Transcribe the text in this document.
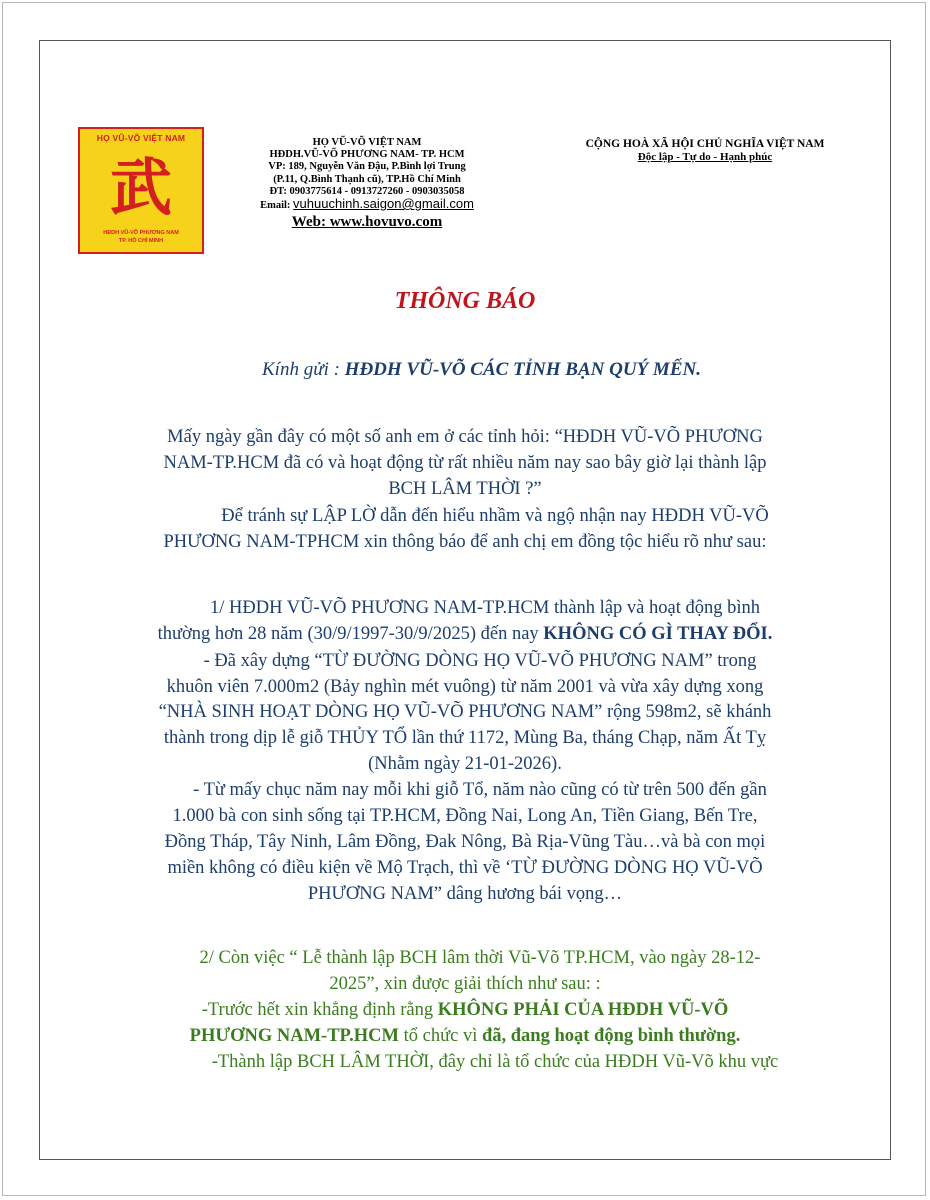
HỌ VŨ-VÕ VIỆT NAM
武
HĐDH VŨ-VÕ PHƯƠNG NAM
TP. HỒ CHÍ MINH
HỌ VŨ-VÕ VIỆT NAM
HĐDH.VŨ-VÕ PHƯƠNG NAM- TP. HCM
VP: 189, Nguyễn Văn Đậu, P.Bình lợi Trung
(P.11, Q.Bình Thạnh cũ), TP.Hồ Chí Minh
ĐT: 0903775614 - 0913727260 - 0903035058
Email: vuhuuchinh.saigon@gmail.com
Web: www.hovuvo.com
CỘNG HOÀ XÃ HỘI CHỦ NGHĨA VIỆT NAM
Độc lập - Tự do - Hạnh phúc
THÔNG BÁO
Kính gửi : HĐDH VŨ-VÕ CÁC TỈNH BẠN QUÝ MẾN.
Mấy ngày gần đây có một số anh em ở các tỉnh hỏi: “HĐDH VŨ-VÕ PHƯƠNG
NAM-TP.HCM đã có và hoạt động từ rất nhiều năm nay sao bây giờ lại thành lập
BCH LÂM THỜI ?”
Để tránh sự LẬP LỜ dẫn đến hiểu nhầm và ngộ nhận nay HĐDH VŨ-VÕ
PHƯƠNG NAM-TPHCM xin thông báo để anh chị em đồng tộc hiểu rõ như sau:
1/ HĐDH VŨ-VÕ PHƯƠNG NAM-TP.HCM thành lập và hoạt động bình
thường hơn 28 năm (30/9/1997-30/9/2025) đến nay KHÔNG CÓ GÌ THAY ĐỔI.
- Đã xây dựng “TỪ ĐƯỜNG DÒNG HỌ VŨ-VÕ PHƯƠNG NAM” trong
khuôn viên 7.000m2 (Bảy nghìn mét vuông) từ năm 2001 và vừa xây dựng xong
“NHÀ SINH HOẠT DÒNG HỌ VŨ-VÕ PHƯƠNG NAM” rộng 598m2, sẽ khánh
thành trong dịp lễ giỗ THỦY TỔ lần thứ 1172, Mùng Ba, tháng Chạp, năm Ất Tỵ
(Nhằm ngày 21-01-2026).
- Từ mấy chục năm nay mỗi khi giỗ Tổ, năm nào cũng có từ trên 500 đến gần
1.000 bà con sinh sống tại TP.HCM, Đồng Nai, Long An, Tiền Giang, Bến Tre,
Đồng Tháp, Tây Ninh, Lâm Đồng, Đak Nông, Bà Rịa-Vũng Tàu…và bà con mọi
miền không có điều kiện về Mộ Trạch, thì về ‘TỪ ĐƯỜNG DÒNG HỌ VŨ-VÕ
PHƯƠNG NAM” dâng hương bái vọng…
2/ Còn việc “ Lễ thành lập BCH lâm thời Vũ-Võ TP.HCM, vào ngày 28-12-
2025”, xin được giải thích như sau: :
-Trước hết xin khẳng định rằng KHÔNG PHẢI CỦA HĐDH VŨ-VÕ
PHƯƠNG NAM-TP.HCM tổ chức vì đã, đang hoạt động bình thường.
-Thành lập BCH LÂM THỜI, đây chỉ là tổ chức của HĐDH Vũ-Võ khu vực
